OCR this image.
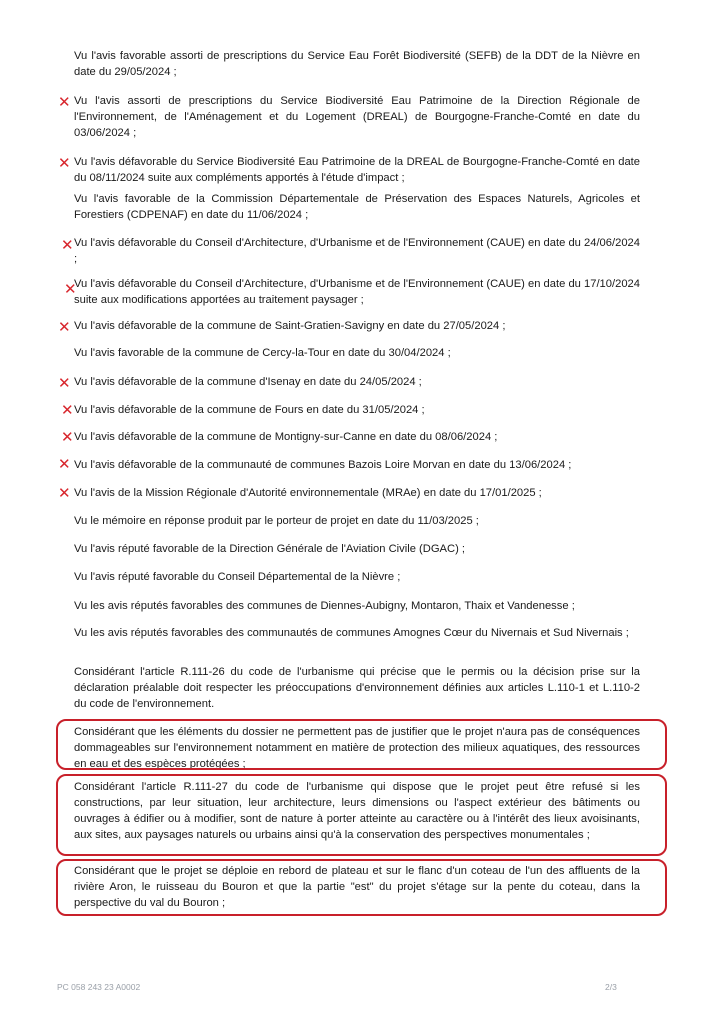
Vu l'avis favorable assorti de prescriptions du Service Eau Forêt Biodiversité (SEFB) de la DDT de la Nièvre en date du 29/05/2024 ;

Vu l'avis assorti de prescriptions du Service Biodiversité Eau Patrimoine de la Direction Régionale de l'Environnement, de l'Aménagement et du Logement (DREAL) de Bourgogne-Franche-Comté en date du 03/06/2024 ;

Vu l'avis défavorable du Service Biodiversité Eau Patrimoine de la DREAL de Bourgogne-Franche-Comté en date du 08/11/2024 suite aux compléments apportés à l'étude d'impact ;

Vu l'avis favorable de la Commission Départementale de Préservation des Espaces Naturels, Agricoles et Forestiers (CDPENAF) en date du 11/06/2024 ;

Vu l'avis défavorable du Conseil d'Architecture, d'Urbanisme et de l'Environnement (CAUE) en date du 24/06/2024 ;

Vu l'avis défavorable du Conseil d'Architecture, d'Urbanisme et de l'Environnement (CAUE) en date du 17/10/2024 suite aux modifications apportées au traitement paysager ;

Vu l'avis défavorable de la commune de Saint-Gratien-Savigny en date du 27/05/2024 ;

Vu l'avis favorable de la commune de Cercy-la-Tour en date du 30/04/2024 ;

Vu l'avis défavorable de la commune d'Isenay en date du 24/05/2024 ;

Vu l'avis défavorable de la commune de Fours en date du 31/05/2024 ;

Vu l'avis défavorable de la commune de Montigny-sur-Canne en date du 08/06/2024 ;

Vu l'avis défavorable de la communauté de communes Bazois Loire Morvan en date du 13/06/2024 ;

Vu l'avis de la Mission Régionale d'Autorité environnementale (MRAe) en date du 17/01/2025 ;

Vu le mémoire en réponse produit par le porteur de projet en date du 11/03/2025 ;

Vu l'avis réputé favorable de la Direction Générale de l'Aviation Civile (DGAC) ;

Vu l'avis réputé favorable du Conseil Départemental de la Nièvre ;

Vu les avis réputés favorables des communes de Diennes-Aubigny, Montaron, Thaix et Vandenesse ;

Vu les avis réputés favorables des communautés de communes Amognes Cœur du Nivernais et Sud Nivernais ;

Considérant l'article R.111-26 du code de l'urbanisme qui précise que le permis ou la décision prise sur la déclaration préalable doit respecter les préoccupations d'environnement définies aux articles L.110-1 et L.110-2 du code de l'environnement.

Considérant que les éléments du dossier ne permettent pas de justifier que le projet n'aura pas de conséquences dommageables sur l'environnement notamment en matière de protection des milieux aquatiques, des ressources en eau et des espèces protégées ;

Considérant l'article R.111-27 du code de l'urbanisme qui dispose que le projet peut être refusé si les constructions, par leur situation, leur architecture, leurs dimensions ou l'aspect extérieur des bâtiments ou ouvrages à édifier ou à modifier, sont de nature à porter atteinte au caractère ou à l'intérêt des lieux avoisinants, aux sites, aux paysages naturels ou urbains ainsi qu'à la conservation des perspectives monumentales ;

Considérant que le projet se déploie en rebord de plateau et sur le flanc d'un coteau de l'un des affluents de la rivière Aron, le ruisseau du Bouron et que la partie "est" du projet s'étage sur la pente du coteau, dans la perspective du val du Bouron ;

✕
✕
✕
✕
✕
✕
✕
✕
✕
✕
PC 058 243 23 A0002	2/3
